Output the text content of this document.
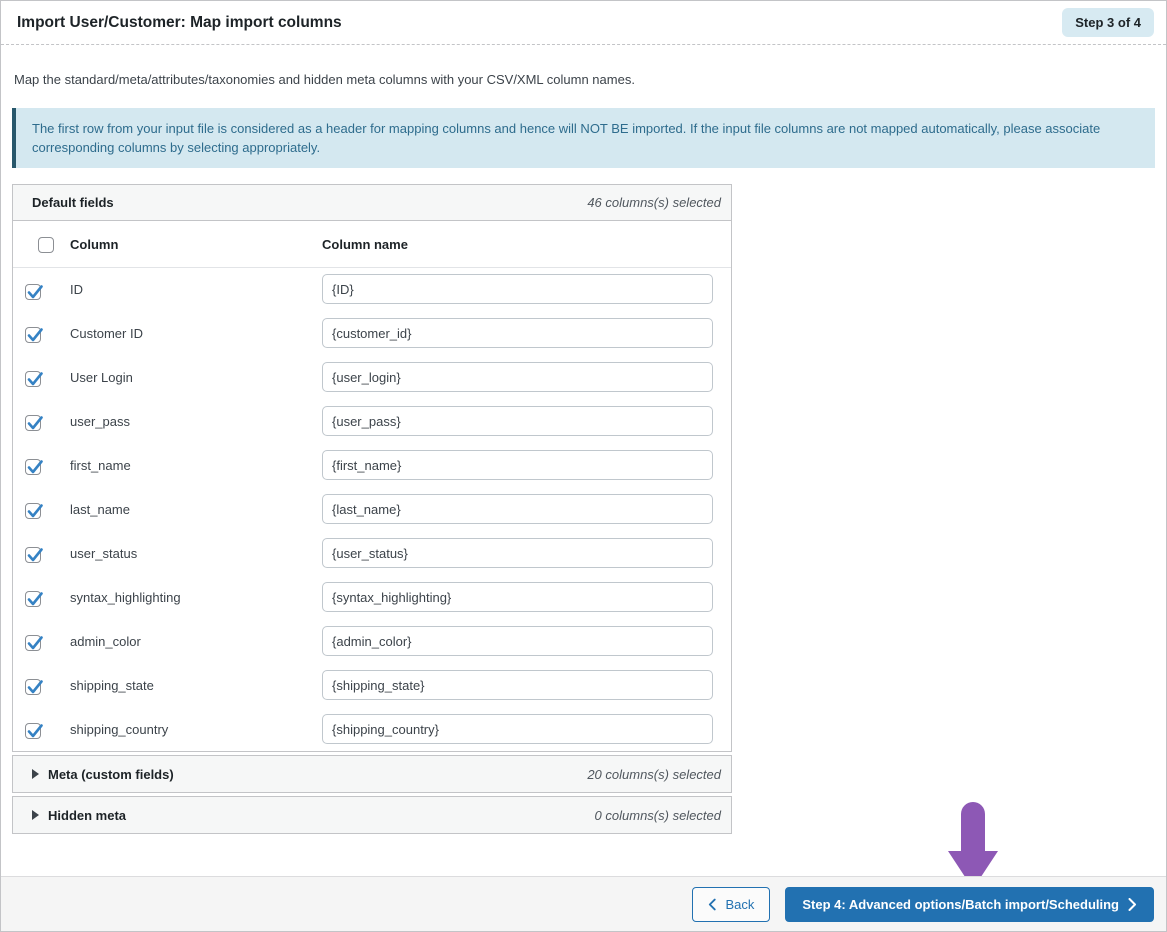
Import User/Customer: Map import columns	Step 3 of 4
Map the standard/meta/attributes/taxonomies and hidden meta columns with your CSV/XML column names.
The first row from your input file is considered as a header for mapping columns and hence will NOT BE imported. If the input file columns are not mapped automatically, please associate corresponding columns by selecting appropriately.
Default fields	46 columns(s) selected
	Column	Column name

	ID	{ID}

	Customer ID	{customer_id}

	User Login	{user_login}

	user_pass	{user_pass}

	first_name	{first_name}

	last_name	{last_name}

	user_status	{user_status}

	syntax_highlighting	{syntax_highlighting}

	admin_color	{admin_color}

	shipping_state	{shipping_state}

	shipping_country	{shipping_country}
Meta (custom fields)	20 columns(s) selected
Hidden meta	0 columns(s) selected
Back	Step 4: Advanced options/Batch import/Scheduling
